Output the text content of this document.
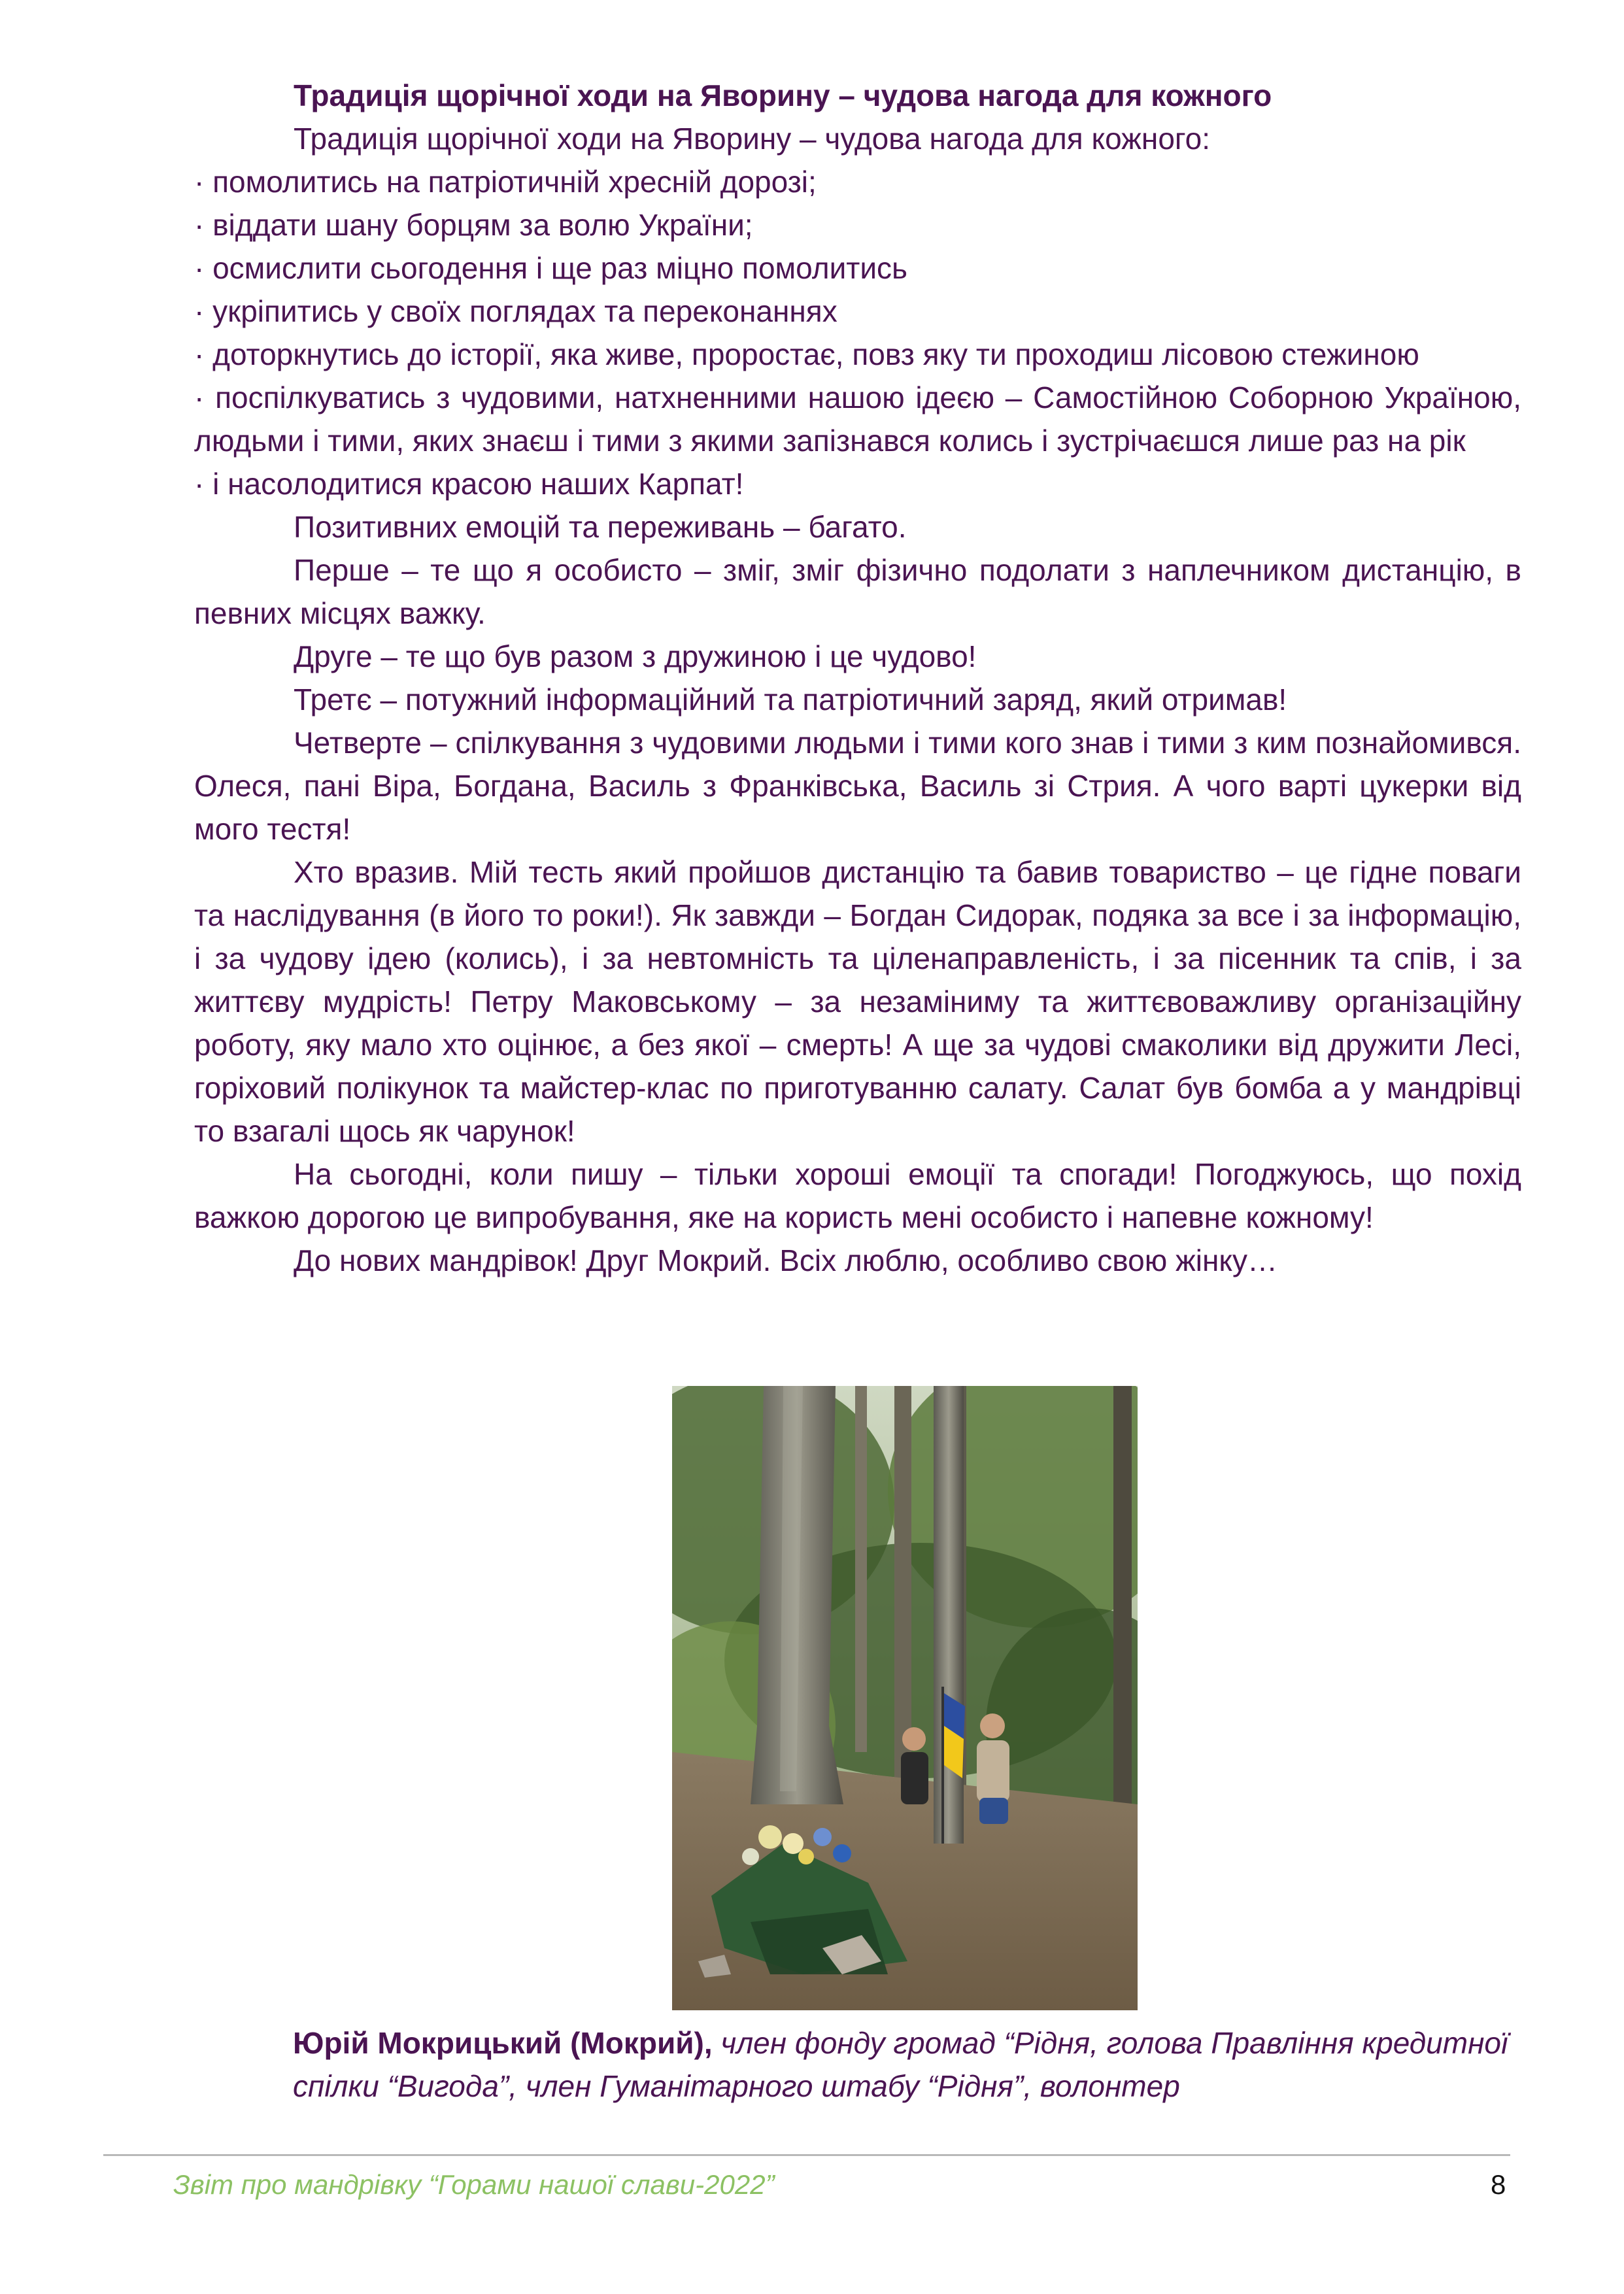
Традиція щорічної ходи на Яворину – чудова нагода для кожного

Традиція щорічної ходи на Яворину – чудова нагода для кожного:

· помолитись на патріотичній хресній дорозі;

· віддати шану борцям за волю України;

· осмислити сьогодення і ще раз міцно помолитись

· укріпитись у своїх поглядах та переконаннях

· доторкнутись до історії, яка живе, проростає, повз яку ти проходиш лісовою стежиною

· поспілкуватись з чудовими, натхненними нашою ідеєю – Самостійною Соборною Україною, людьми і тими, яких знаєш і тими з якими запізнався колись і зустрічаєшся лише раз на рік

· і насолодитися красою наших Карпат!

Позитивних емоцій та переживань – багато.

Перше – те що я особисто – зміг, зміг фізично подолати з наплечником дистанцію, в певних місцях важку.

Друге – те що був разом з дружиною і це чудово!

Третє – потужний інформаційний та патріотичний заряд, який отримав!

Четверте – спілкування з чудовими людьми і тими кого знав і тими з ким познайомився. Олеся, пані Віра, Богдана, Василь з Франківська, Василь зі Стрия. А чого варті цукерки від мого тестя!

Хто вразив. Мій тесть який пройшов дистанцію та бавив товариство – це гідне поваги та наслідування (в його то роки!). Як завжди – Богдан Сидорак, подяка за все і за інформацію, і за чудову ідею (колись), і за невтомність та ціленаправленість, і за пісенник та спів, і за життєву мудрість! Петру Маковському – за незаміниму та життєвоважливу організаційну роботу, яку мало хто оцінює, а без якої – смерть! А ще за чудові смаколики від дружити Лесі, горіховий полікунок та майстер-клас по приготуванню салату. Салат був бомба а у мандрівці то взагалі щось як чарунок!

На сьогодні, коли пишу – тільки хороші емоції та спогади! Погоджуюсь, що похід важкою дорогою це випробування, яке на користь мені особисто і напевне кожному!

До нових мандрівок! Друг Мокрий. Всіх люблю, особливо свою жінку…

Юрій Мокрицький (Мокрий), член фонду громад “Рідня, голова Правління кредитної спілки “Вигода”, член Гуманітарного штабу “Рідня”, волонтер
Звіт про мандрівку “Горами нашої слави-2022”	8
